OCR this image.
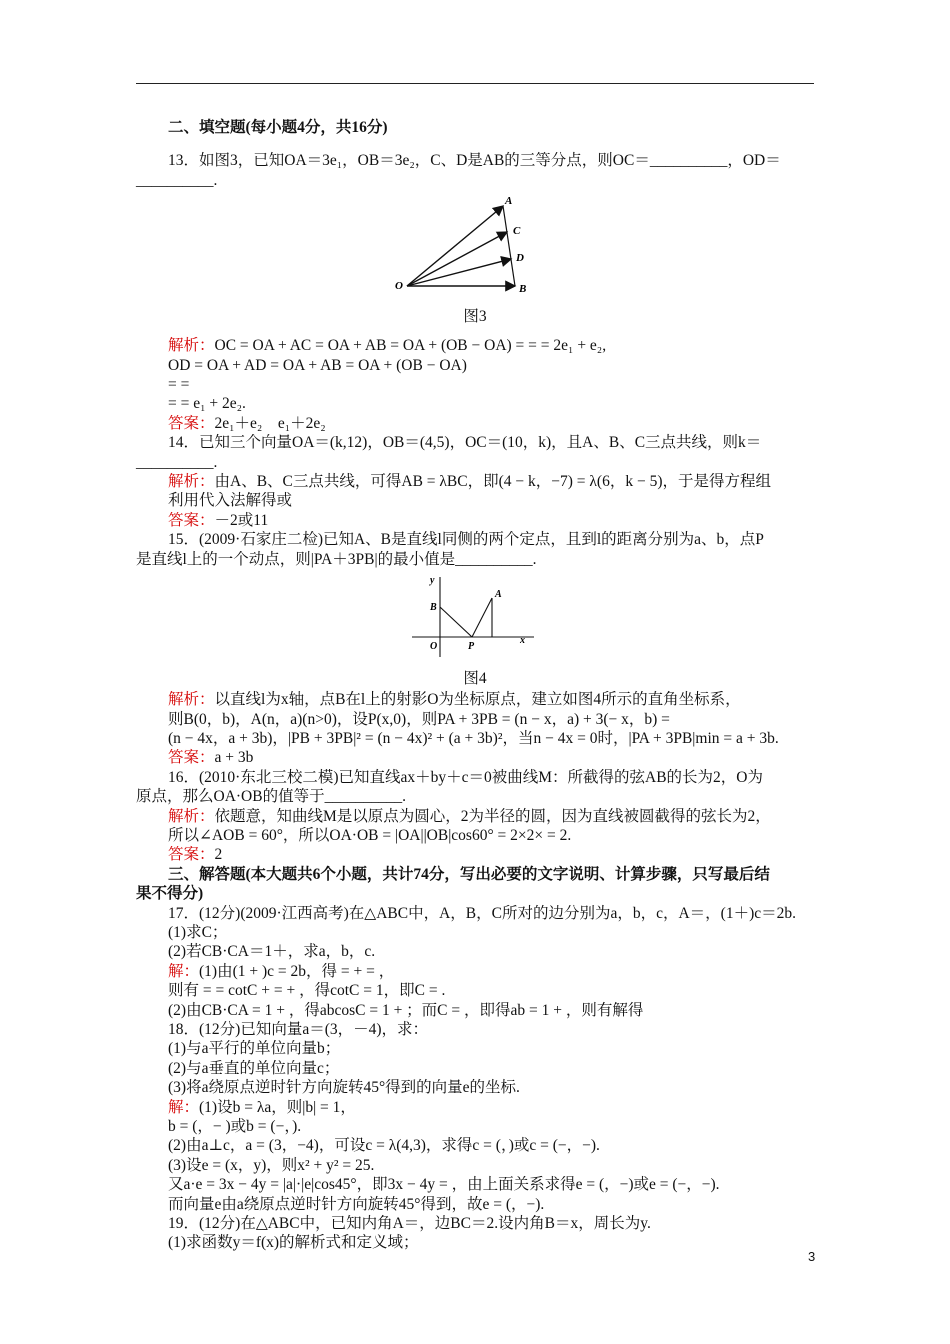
二、填空题(每小题4分，共16分)
13．如图3，已知OA＝3e₁，OB＝3e₂，C、D是AB的三等分点，则OC＝__________，OD＝
__________.
A
C
D
O	B
图3
解析：OC = OA + AC = OA + AB = OA + (OB − OA) = = = 2e₁ + e₂,
OD = OA + AD = OA + AB = OA + (OB − OA)
= =
= = e₁ + 2e₂.
答案：2e₁＋e₂　e₁＋2e₂
14．已知三个向量OA＝(k,12)，OB＝(4,5)，OC＝(10，k)，且A、B、C三点共线，则k＝
__________.
解析：由A、B、C三点共线，可得AB = λBC，即(4 − k，−7) = λ(6，k − 5)，于是得方程组
利用代入法解得或
答案：－2或11
15．(2009·石家庄二检)已知A、B是直线l同侧的两个定点，且到l的距离分别为a、b，点P
是直线l上的一个动点，则|PA＋3PB|的最小值是__________.
y
A
B
O	P
x
图4
解析：以直线l为x轴，点B在l上的射影O为坐标原点，建立如图4所示的直角坐标系，
则B(0，b)，A(n，a)(n>0)，设P(x,0)，则PA + 3PB = (n − x，a) + 3(− x，b) =
(n − 4x，a + 3b)，|PB + 3PB|² = (n − 4x)² + (a + 3b)²，当n − 4x = 0时，|PA + 3PB|min = a + 3b.
答案：a + 3b
16．(2010·东北三校二模)已知直线ax＋by＋c＝0被曲线M：所截得的弦AB的长为2，O为
原点，那么OA·OB的值等于__________.
解析：依题意，知曲线M是以原点为圆心，2为半径的圆，因为直线被圆截得的弦长为2，
所以∠AOB = 60°，所以OA·OB = |OA||OB|cos60° = 2×2× = 2.
答案：2
三、解答题(本大题共6个小题，共计74分，写出必要的文字说明、计算步骤，只写最后结
果不得分)
17．(12分)(2009·江西高考)在△ABC中，A，B，C所对的边分别为a，b，c，A＝，(1＋)c＝2b.
(1)求C；
(2)若CB·CA＝1＋，求a，b，c.
解：(1)由(1 + )c = 2b，得 = + = ，
则有 = = cotC + = + ，得cotC = 1，即C = .
(2)由CB·CA = 1 + ，得abcosC = 1 + ；而C = ，即得ab = 1 + ，则有解得
18．(12分)已知向量a＝(3，－4)，求：
(1)与a平行的单位向量b；
(2)与a垂直的单位向量c；
(3)将a绕原点逆时针方向旋转45°得到的向量e的坐标.
解：(1)设b = λa，则|b| = 1，
b = (，− )或b = (−，).
(2)由a⊥c，a = (3，−4)，可设c = λ(4,3)，求得c = (，)或c = (−，−).
(3)设e = (x，y)，则x² + y² = 25.
又a·e = 3x − 4y = |a|·|e|cos45°，即3x − 4y = ，由上面关系求得e = (，−)或e = (−，−).
而向量e由a绕原点逆时针方向旋转45°得到，故e = (，−).
19．(12分)在△ABC中，已知内角A＝，边BC＝2.设内角B＝x，周长为y.
(1)求函数y＝f(x)的解析式和定义域；
3
